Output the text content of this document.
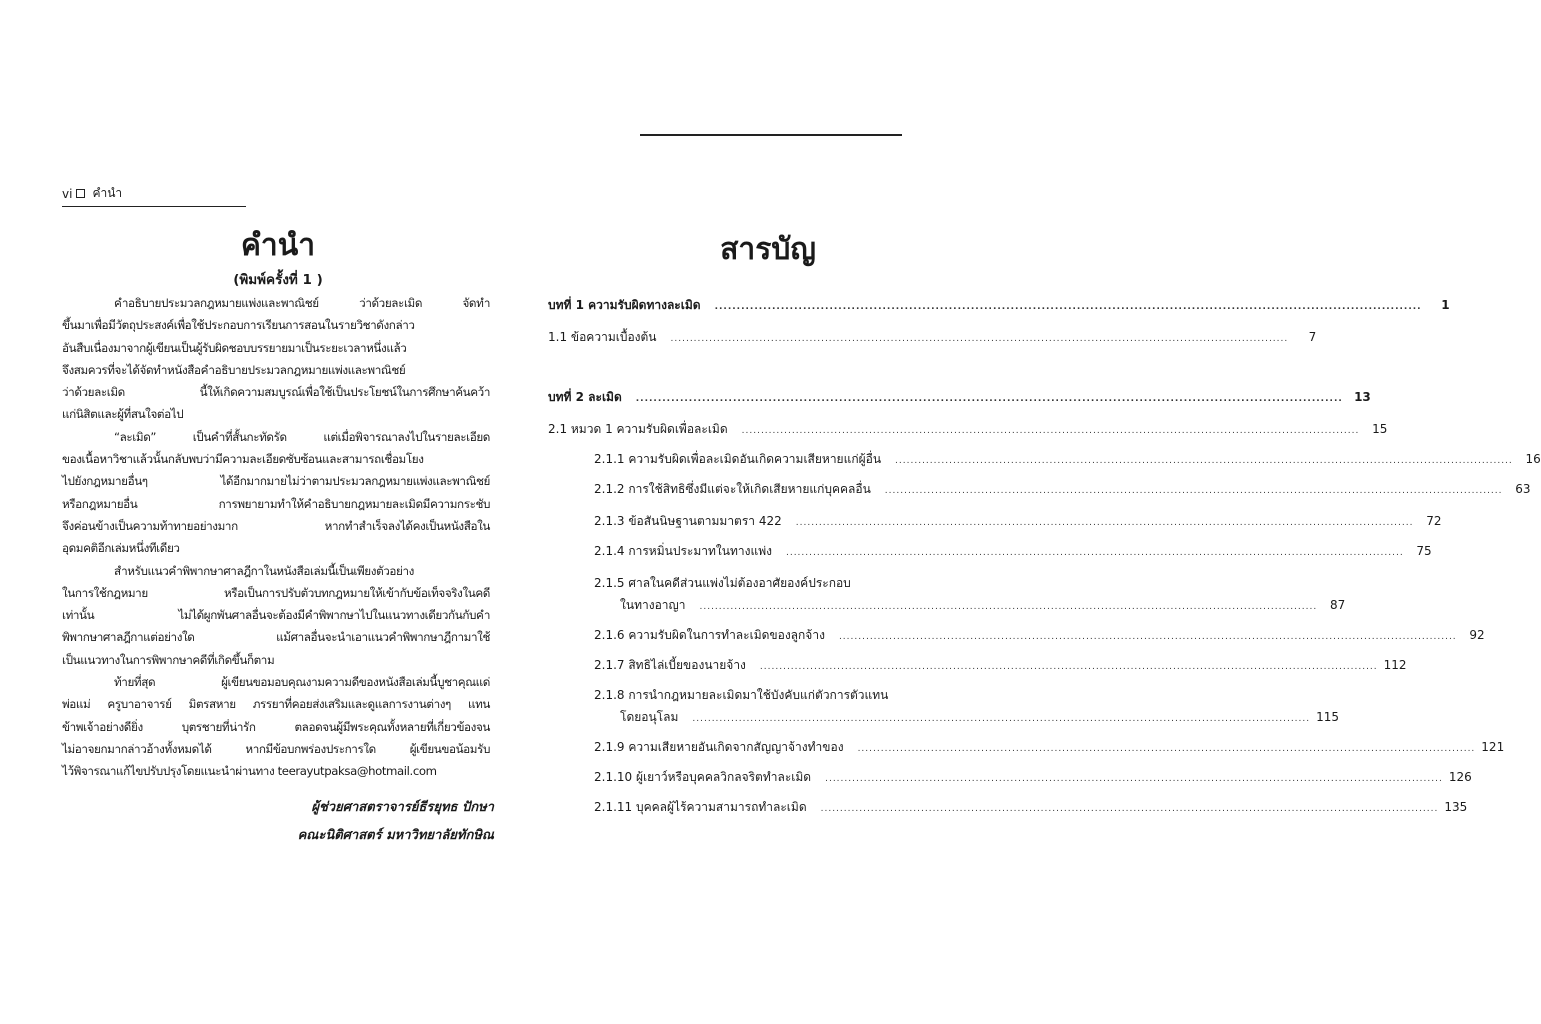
vi คำนำ
คำนำ
(พิมพ์ครั้งที่ 1 )

คำอธิบายประมวลกฎหมายแพ่งและพาณิชย์ ว่าด้วยละเมิด จัดทำ

ขึ้นมาเพื่อมีวัตถุประสงค์เพื่อใช้ประกอบการเรียนการสอนในรายวิชาดังกล่าว

อันสืบเนื่องมาจากผู้เขียนเป็นผู้รับผิดชอบบรรยายมาเป็นระยะเวลาหนึ่งแล้ว

จึงสมควรที่จะได้จัดทำหนังสือคำอธิบายประมวลกฎหมายแพ่งและพาณิชย์

ว่าด้วยละเมิด นี้ให้เกิดความสมบูรณ์เพื่อใช้เป็นประโยชน์ในการศึกษาค้นคว้า

แก่นิสิตและผู้ที่สนใจต่อไป

“ละเมิด” เป็นคำที่สั้นกะทัดรัด แต่เมื่อพิจารณาลงไปในรายละเอียด

ของเนื้อหาวิชาแล้วนั้นกลับพบว่ามีความละเอียดซับซ้อนและสามารถเชื่อมโยง

ไปยังกฎหมายอื่นๆ ได้อีกมากมายไม่ว่าตามประมวลกฎหมายแพ่งและพาณิชย์

หรือกฎหมายอื่น การพยายามทำให้คำอธิบายกฎหมายละเมิดมีความกระชับ

จึงค่อนข้างเป็นความท้าทายอย่างมาก หากทำสำเร็จลงได้คงเป็นหนังสือใน

อุดมคติอีกเล่มหนึ่งทีเดียว

สำหรับแนวคำพิพากษาศาลฎีกาในหนังสือเล่มนี้เป็นเพียงตัวอย่าง

ในการใช้กฎหมาย หรือเป็นการปรับตัวบทกฎหมายให้เข้ากับข้อเท็จจริงในคดี

เท่านั้น ไม่ได้ผูกพันศาลอื่นจะต้องมีคำพิพากษาไปในแนวทางเดียวกันกับคำ

พิพากษาศาลฎีกาแต่อย่างใด แม้ศาลอื่นจะนำเอาแนวคำพิพากษาฎีกามาใช้

เป็นแนวทางในการพิพากษาคดีที่เกิดขึ้นก็ตาม

ท้ายที่สุด ผู้เขียนขอมอบคุณงามความดีของหนังสือเล่มนี้บูชาคุณแด่

พ่อแม่ ครูบาอาจารย์ มิตรสหาย ภรรยาที่คอยส่งเสริมและดูแลการงานต่างๆ แทน

ข้าพเจ้าอย่างดียิ่ง บุตรชายที่น่ารัก ตลอดจนผู้มีพระคุณทั้งหลายที่เกี่ยวข้องจน

ไม่อาจยกมากล่าวอ้างทั้งหมดได้ หากมีข้อบกพร่องประการใด ผู้เขียนขอน้อมรับ

ไว้พิจารณาแก้ไขปรับปรุงโดยแนะนำผ่านทาง teerayutpaksa@hotmail.com

ผู้ช่วยศาสตราจารย์ธีรยุทธ ปักษา
คณะนิติศาสตร์ มหาวิทยาลัยทักษิณ
สารบัญ
บทที่ 1 ความรับผิดทางละเมิด	................................................................................................................................................................	1
1.1 ข้อความเบื้องต้น	................................................................................................................................................................	7
บทที่ 2 ละเมิด	................................................................................................................................................................ 13
2.1 หมวด 1 ความรับผิดเพื่อละเมิด	................................................................................................................................................................	15
2.1.1 ความรับผิดเพื่อละเมิดอันเกิดความเสียหายแก่ผู้อื่น	................................................................................................................................................................	16
2.1.2 การใช้สิทธิซึ่งมีแต่จะให้เกิดเสียหายแก่บุคคลอื่น	................................................................................................................................................................	63
2.1.3 ข้อสันนิษฐานตามมาตรา 422	................................................................................................................................................................	72
2.1.4 การหมิ่นประมาทในทางแพ่ง	................................................................................................................................................................	75
2.1.5 ศาลในคดีส่วนแพ่งไม่ต้องอาศัยองค์ประกอบ
ในทางอาญา	................................................................................................................................................................	87
2.1.6 ความรับผิดในการทำละเมิดของลูกจ้าง	................................................................................................................................................................	92
2.1.7 สิทธิไล่เบี้ยของนายจ้าง	................................................................................................................................................................ 112
2.1.8 การนำกฎหมายละเมิดมาใช้บังคับแก่ตัวการตัวแทน
โดยอนุโลม	................................................................................................................................................................ 115
2.1.9 ความเสียหายอันเกิดจากสัญญาจ้างทำของ	................................................................................................................................................................ 121
2.1.10 ผู้เยาว์หรือบุคคลวิกลจริตทำละเมิด	................................................................................................................................................................ 126
2.1.11 บุคคลผู้ไร้ความสามารถทำละเมิด	................................................................................................................................................................ 135
